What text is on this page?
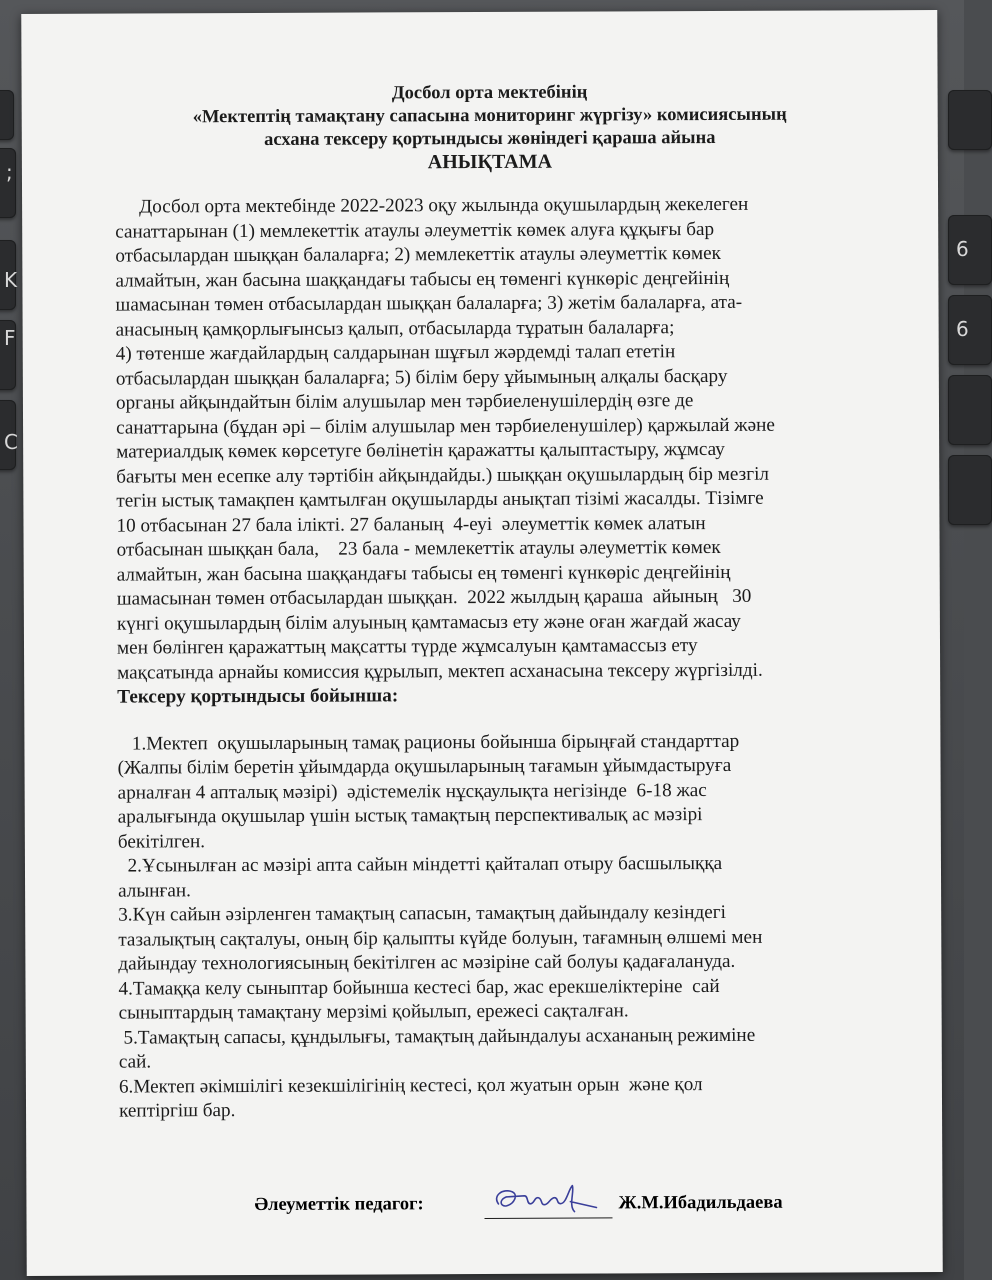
;
K
F
C
6
6
Досбол орта мектебінің
«Мектептің тамақтану сапасына мониторинг жүргізу» комисиясының
асхана тексеру қортындысы жөніндегі қараша айына
АНЫҚТАМА
Досбол орта мектебінде 2022-2023 оқу жылында оқушылардың жекелеген
санаттарынан (1) мемлекеттік атаулы әлеуметтік көмек алуға құқығы бар
отбасылардан шыққан балаларға; 2) мемлекеттік атаулы әлеуметтік көмек
алмайтын, жан басына шаққандағы табысы ең төменгі күнкөріс деңгейінің
шамасынан төмен отбасылардан шыққан балаларға; 3) жетім балаларға, ата-
анасының қамқорлығынсыз қалып, отбасыларда тұратын балаларға;
4) төтенше жағдайлардың салдарынан шұғыл жәрдемді талап ететін
отбасылардан шыққан балаларға; 5) білім беру ұйымының алқалы басқару
органы айқындайтын білім алушылар мен тәрбиеленушілердің өзге де
санаттарына (бұдан әрі – білім алушылар мен тәрбиеленушілер) қаржылай және
материалдық көмек көрсетуге бөлінетін қаражатты қалыптастыру, жұмсау
бағыты мен есепке алу тәртібін айқындайды.) шыққан оқушылардың бір мезгіл
тегін ыстық тамақпен қамтылған оқушыларды анықтап тізімі жасалды. Тізімге
10 отбасынан 27 бала ілікті. 27 баланың  4-еуі  әлеуметтік көмек алатын
отбасынан шыққан бала,    23 бала - мемлекеттік атаулы әлеуметтік көмек
алмайтын, жан басына шаққандағы табысы ең төменгі күнкөріс деңгейінің
шамасынан төмен отбасылардан шыққан.  2022 жылдың қараша  айының   30
күнгі оқушылардың білім алуының қамтамасыз ету және оған жағдай жасау
мен бөлінген қаражаттың мақсатты түрде жұмсалуын қамтамассыз ету
мақсатында арнайы комиссия құрылып, мектеп асханасына тексеру жүргізілді.
Тексеру қортындысы бойынша:
1.Мектеп  оқушыларының тамақ рационы бойынша бірыңғай стандарттар
(Жалпы білім беретін ұйымдарда оқушыларының тағамын ұйымдастыруға
арналған 4 апталық мәзірі)  әдістемелік нұсқаулықта негізінде  6-18 жас
аралығында оқушылар үшін ыстық тамақтың перспективалық ас мәзірі
бекітілген.
2.Ұсынылған ас мәзірі апта сайын міндетті қайталап отыру басшылыққа
алынған.
3.Күн сайын әзірленген тамақтың сапасын, тамақтың дайындалу кезіндегі
тазалықтың сақталуы, оның бір қалыпты күйде болуын, тағамның өлшемі мен
дайындау технологиясының бекітілген ас мәзіріне сай болуы қадағалануда.
4.Тамаққа келу сыныптар бойынша кестесі бар, жас ерекшеліктеріне  сай
сыныптардың тамақтану мерзімі қойылып, ережесі сақталған.
5.Тамақтың сапасы, құндылығы, тамақтың дайындалуы асхананың режиміне
сай.
6.Мектеп әкімшілігі кезекшілігінің кестесі, қол жуатын орын  және қол
кептіргіш бар.
Әлеуметтік педагог:	Ж.М.Ибадильдаева
